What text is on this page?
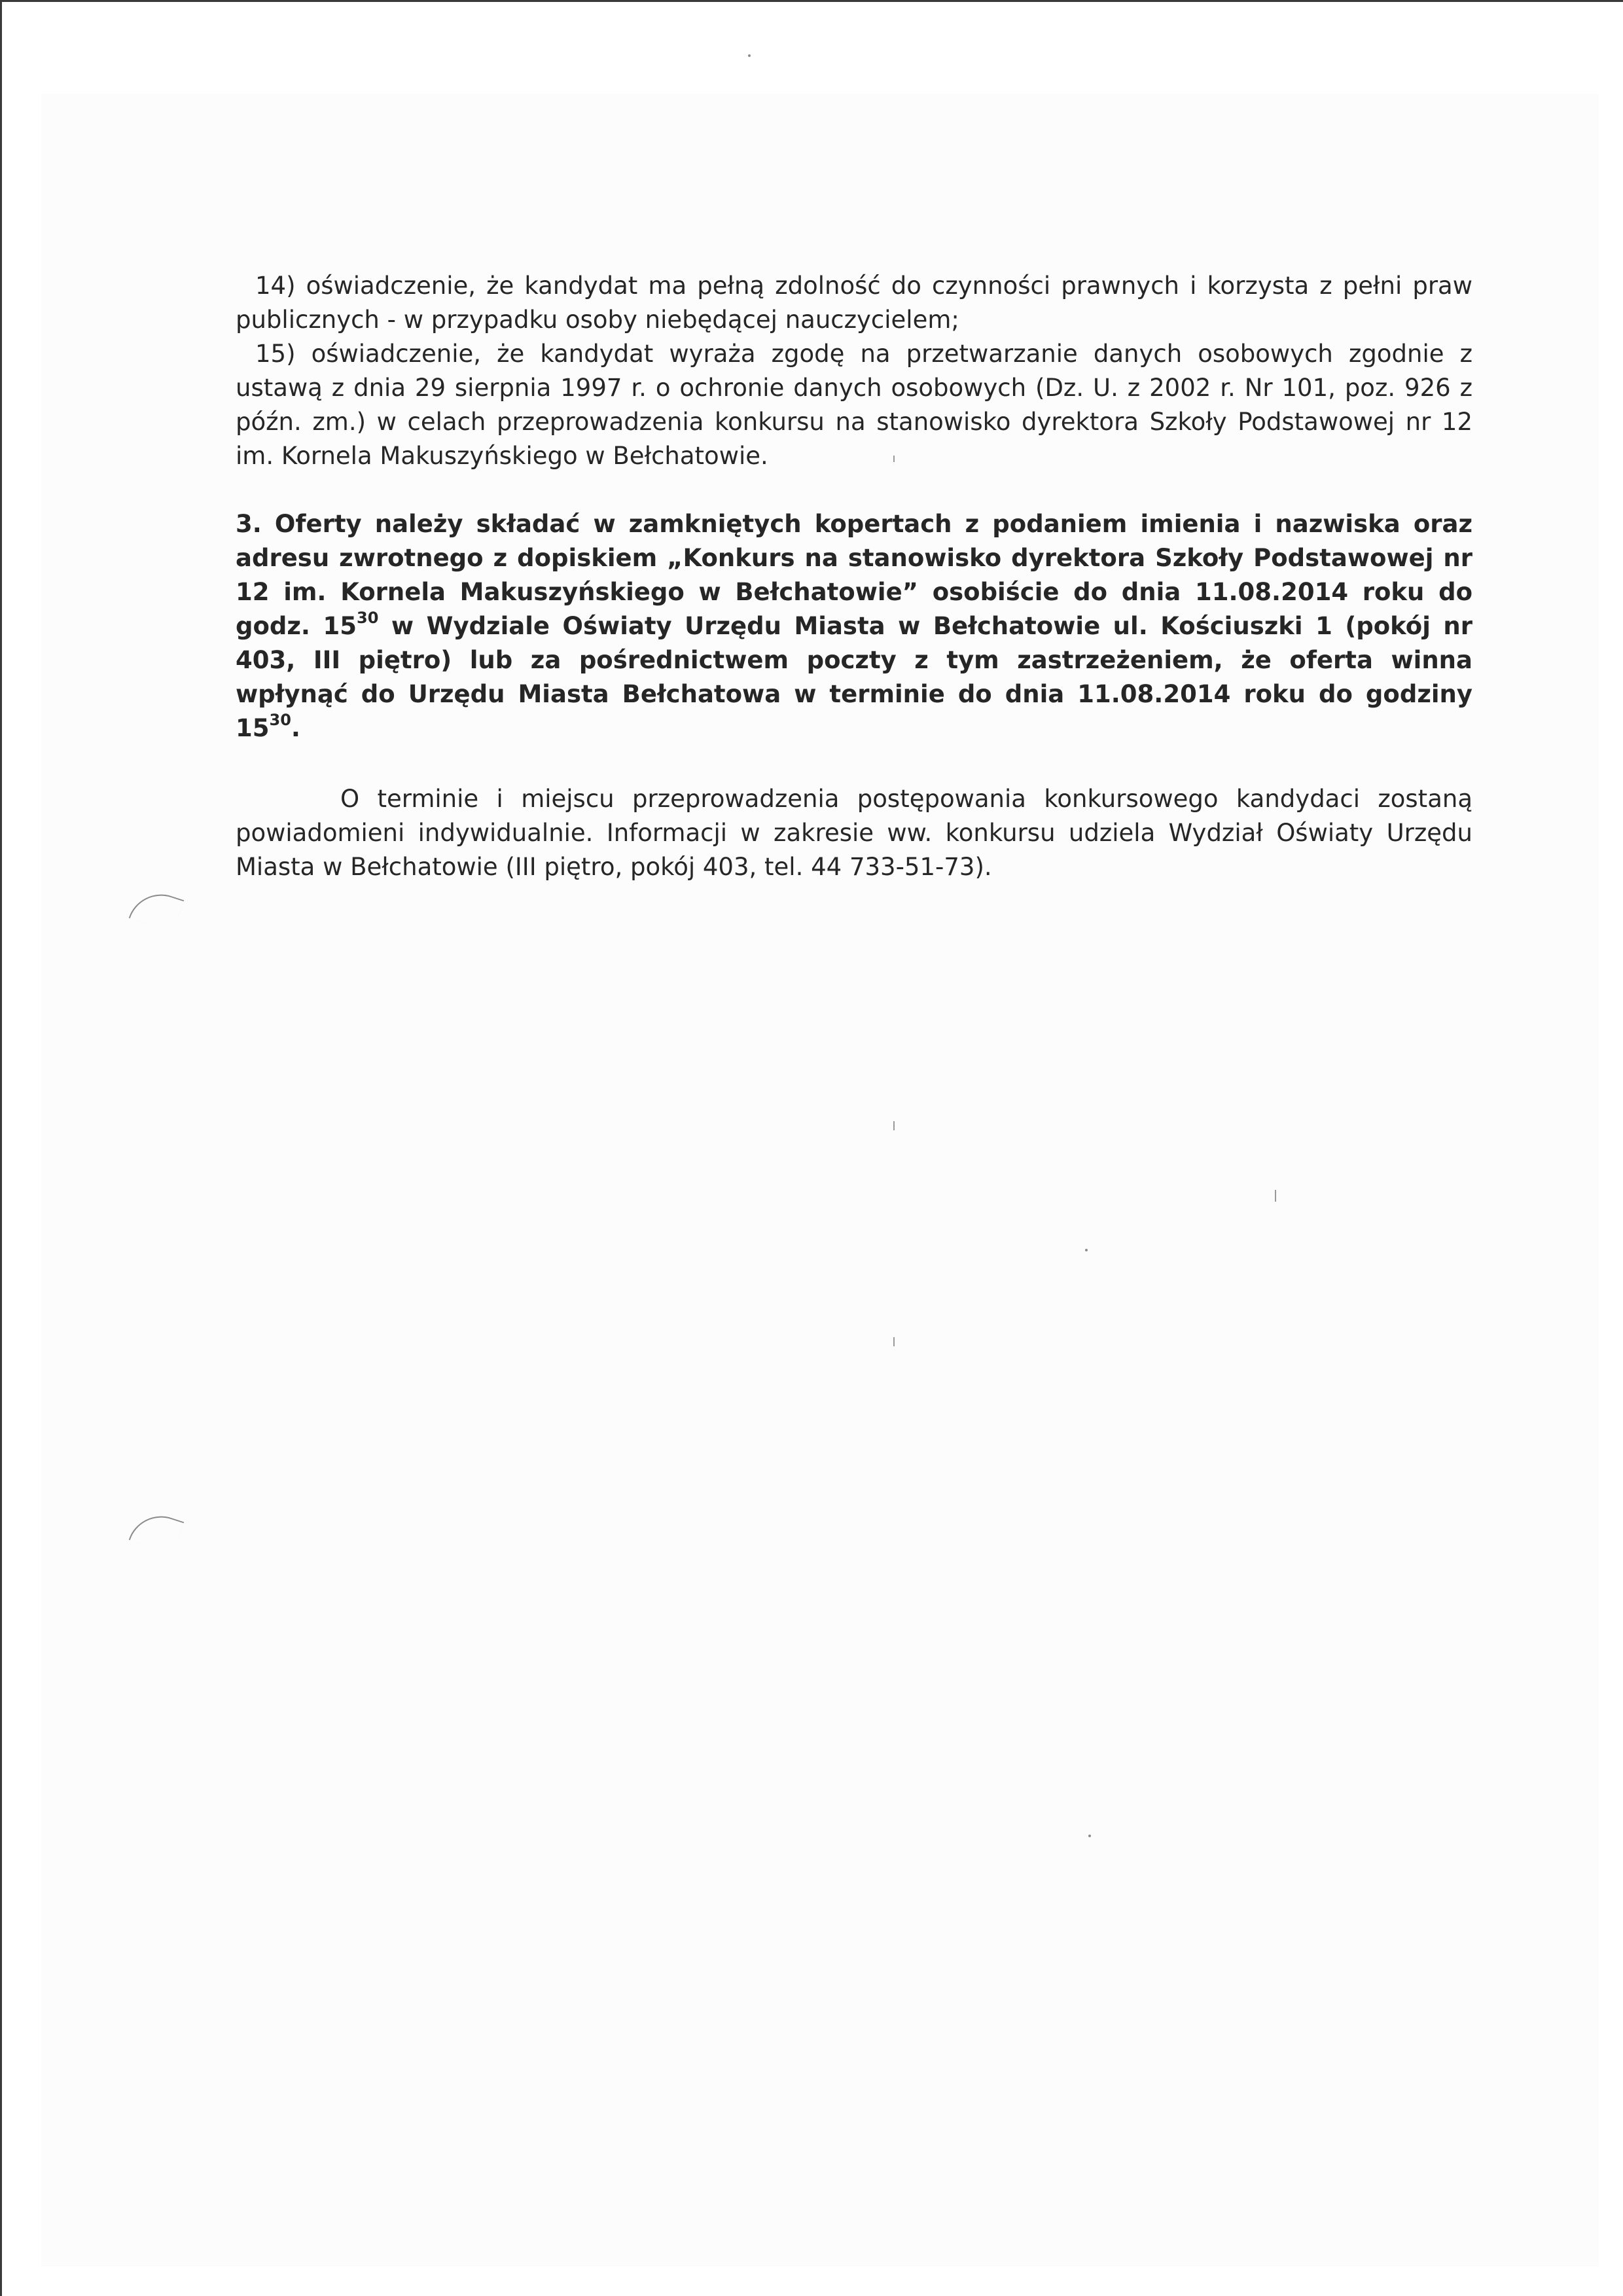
14) oświadczenie, że kandydat ma pełną zdolność do czynności prawnych i korzysta z pełni praw publicznych - w przypadku osoby niebędącej nauczycielem;

15) oświadczenie, że kandydat wyraża zgodę na przetwarzanie danych osobowych zgodnie z ustawą z dnia 29 sierpnia 1997 r. o ochronie danych osobowych (Dz. U. z 2002 r. Nr 101, poz. 926 z późn. zm.) w celach przeprowadzenia konkursu na stanowisko dyrektora Szkoły Podstawowej nr 12 im. Kornela Makuszyńskiego w Bełchatowie.

3. Oferty należy składać w zamkniętych kopertach z podaniem imienia i nazwiska oraz adresu zwrotnego z dopiskiem „Konkurs na stanowisko dyrektora Szkoły Podstawowej nr 12 im. Kornela Makuszyńskiego w Bełchatowie” osobiście do dnia 11.08.2014 roku do godz. $15^{30}$ w Wydziale Oświaty Urzędu Miasta w Bełchatowie ul. Kościuszki 1 (pokój nr 403, III piętro) lub za pośrednictwem poczty z tym zastrzeżeniem, że oferta winna wpłynąć do Urzędu Miasta Bełchatowa w terminie do dnia 11.08.2014 roku do godziny $15^{30}$.

O terminie i miejscu przeprowadzenia postępowania konkursowego kandydaci zostaną powiadomieni indywidualnie. Informacji w zakresie ww. konkursu udziela Wydział Oświaty Urzędu Miasta w Bełchatowie (III piętro, pokój 403, tel. 44 733-51-73).
